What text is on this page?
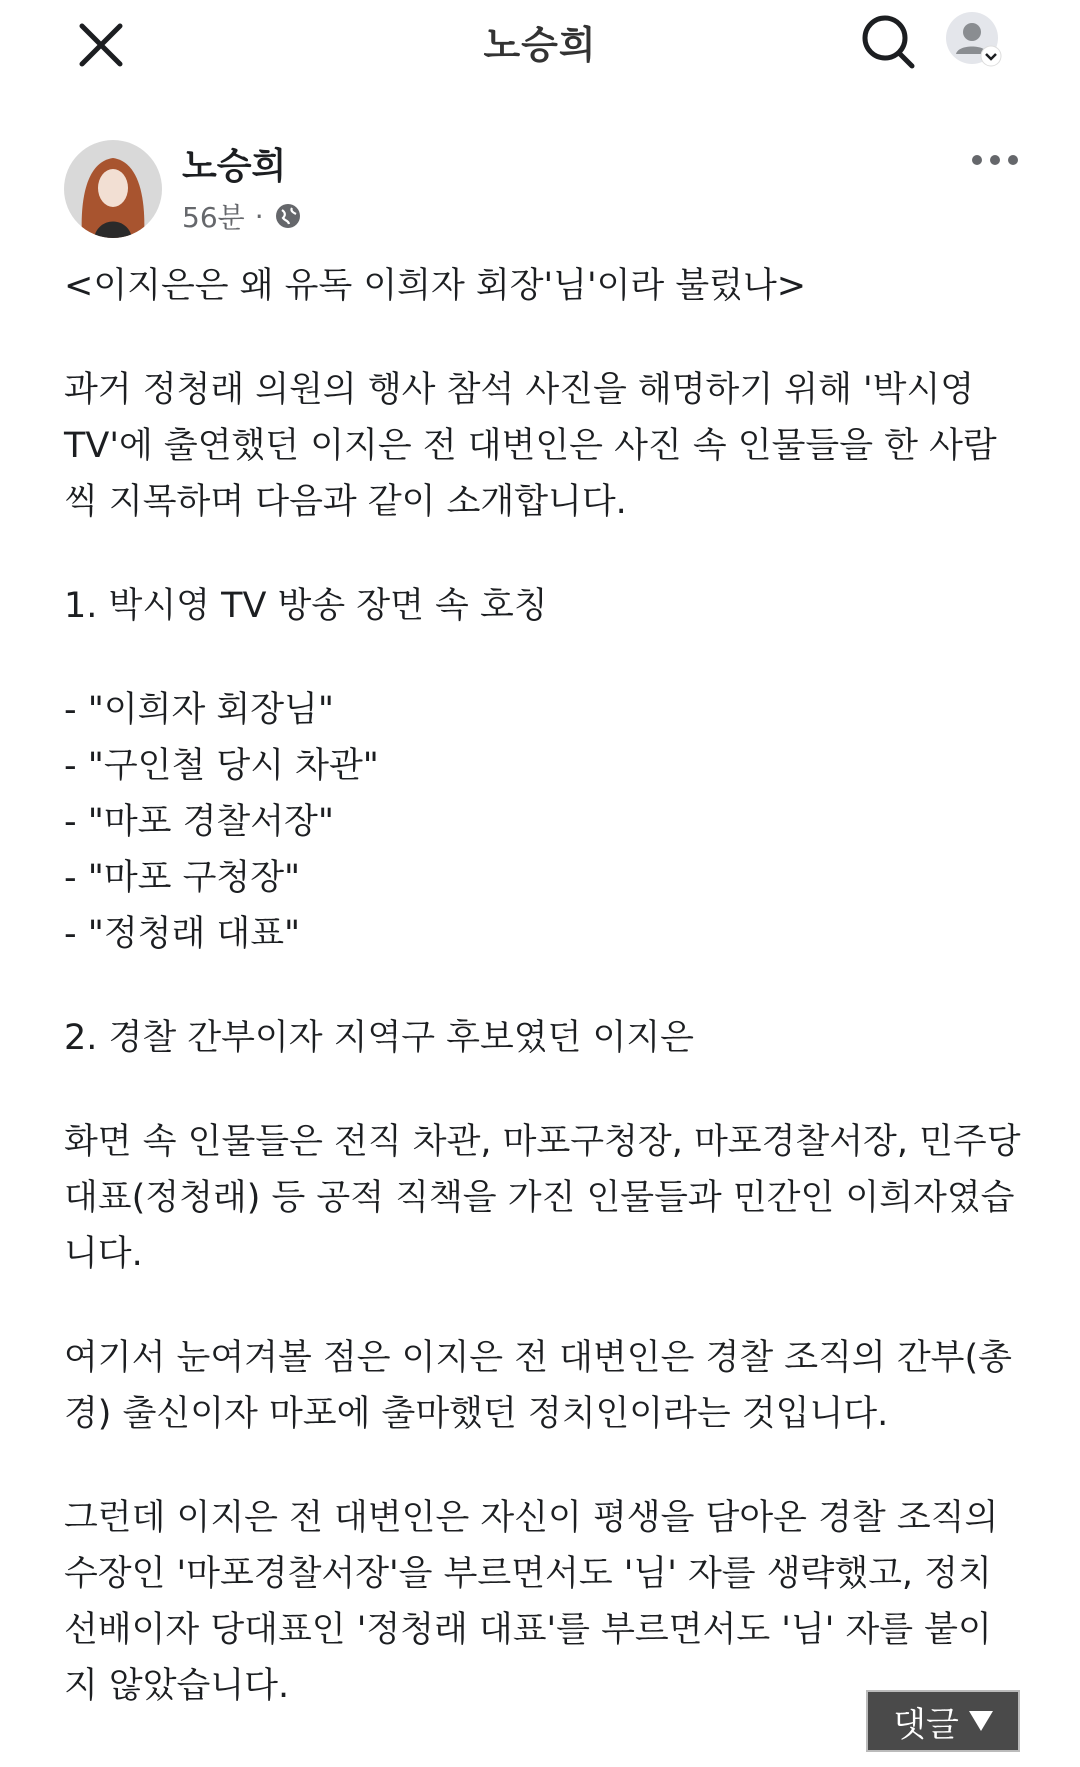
노승희
노승희
56분 ·

<이지은은 왜 유독 이희자 회장'님'이라 불렀나>

과거 정청래 의원의 행사 참석 사진을 해명하기 위해 '박시영 TV'에 출연했던 이지은 전 대변인은 사진 속 인물들을 한 사람씩 지목하며 다음과 같이 소개합니다.

1. 박시영 TV 방송 장면 속 호칭

- "이희자 회장님"
- "구인철 당시 차관"
- "마포 경찰서장"
- "마포 구청장"
- "정청래 대표"

2. 경찰 간부이자 지역구 후보였던 이지은

화면 속 인물들은 전직 차관, 마포구청장, 마포경찰서장, 민주당 대표(정청래) 등 공적 직책을 가진 인물들과 민간인 이희자였습니다.

여기서 눈여겨볼 점은 이지은 전 대변인은 경찰 조직의 간부(총경) 출신이자 마포에 출마했던 정치인이라는 것입니다.

그런데 이지은 전 대변인은 자신이 평생을 담아온 경찰 조직의 수장인 '마포경찰서장'을 부르면서도 '님' 자를 생략했고, 정치 선배이자 당대표인 '정청래 대표'를 부르면서도 '님' 자를 붙이지 않았습니다.

댓글
